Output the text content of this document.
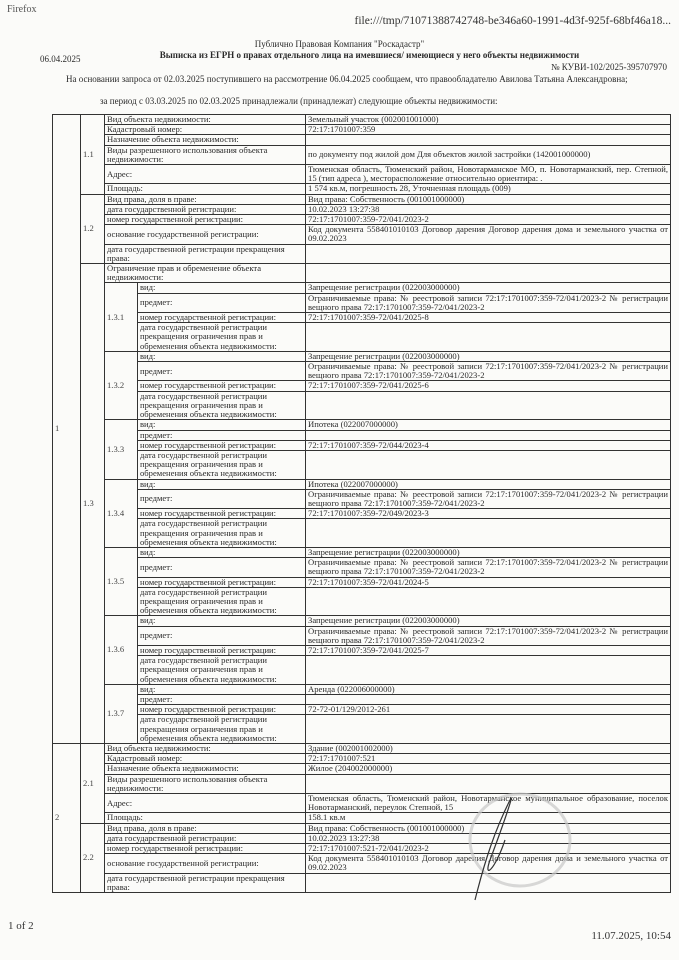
Firefox
file:///tmp/71071388742748-be346a60-1991-4d3f-925f-68bf46a18...
Публично Правовая Компания "Роскадастр"
Выписка из ЕГРН о правах отдельного лица на имевшиеся/ имеющиеся у него объекты недвижимости
06.04.2025
№ КУВИ-102/2025-395707970
На основании запроса от 02.03.2025 поступившего на рассмотрение 06.04.2025 сообщаем, что правообладателю Авилова Татьяна Александровна;
за период с 03.03.2025 по 02.03.2025 принадлежали (принадлежат) следующие объекты недвижимости:
1	1.1	Вид объекта недвижимости:		Земельный участок (002001001000)
		Кадастровый номер:		72:17:1701007:359
		Назначение объекта недвижимости:		
		Виды разрешенного использования объекта недвижимости:		по документу под жилой дом Для объектов жилой застройки (142001000000)
		Адрес:		Тюменская область, Тюменский район, Новотарманское МО, п. Новотарманский, пер. Степной, 15 (тип адреса ), месторасположение относительно ориентира: .
		Площадь:		1 574 кв.м, погрешность 28, Уточненная площадь (009)
	1.2	Вид права, доля в праве:		Вид права: Собственность (001001000000)
		дата государственной регистрации:		10.02.2023 13:27:38
		номер государственной регистрации:		72:17:1701007:359-72/041/2023-2
		основание государственной регистрации:		Код документа 558401010103 Договор дарения Договор дарения дома и земельного участка от 09.02.2023
		дата государственной регистрации прекращения права:		
	1.3	Ограничение прав и обременение объекта недвижимости:		
		1.3.1	вид:	Запрещение регистрации (022003000000)
			предмет:	Ограничиваемые права: № реестровой записи 72:17:1701007:359-72/041/2023-2 № регистрации вещного права 72:17:1701007:359-72/041/2023-2
			номер государственной регистрации:	72:17:1701007:359-72/041/2025-8
			дата государственной регистрации прекращения ограничения прав и обременения объекта недвижимости:	
		1.3.2	вид:	Запрещение регистрации (022003000000)
			предмет:	Ограничиваемые права: № реестровой записи 72:17:1701007:359-72/041/2023-2 № регистрации вещного права 72:17:1701007:359-72/041/2023-2
			номер государственной регистрации:	72:17:1701007:359-72/041/2025-6
			дата государственной регистрации прекращения ограничения прав и обременения объекта недвижимости:	
		1.3.3	вид:	Ипотека (022007000000)
			предмет:	
			номер государственной регистрации:	72:17:1701007:359-72/044/2023-4
			дата государственной регистрации прекращения ограничения прав и обременения объекта недвижимости:	
		1.3.4	вид:	Ипотека (022007000000)
			предмет:	Ограничиваемые права: № реестровой записи 72:17:1701007:359-72/041/2023-2 № регистрации вещного права 72:17:1701007:359-72/041/2023-2
			номер государственной регистрации:	72:17:1701007:359-72/049/2023-3
			дата государственной регистрации прекращения ограничения прав и обременения объекта недвижимости:	
		1.3.5	вид:	Запрещение регистрации (022003000000)
			предмет:	Ограничиваемые права: № реестровой записи 72:17:1701007:359-72/041/2023-2 № регистрации вещного права 72:17:1701007:359-72/041/2023-2
			номер государственной регистрации:	72:17:1701007:359-72/041/2024-5
			дата государственной регистрации прекращения ограничения прав и обременения объекта недвижимости:	
		1.3.6	вид:	Запрещение регистрации (022003000000)
			предмет:	Ограничиваемые права: № реестровой записи 72:17:1701007:359-72/041/2023-2 № регистрации вещного права 72:17:1701007:359-72/041/2023-2
			номер государственной регистрации:	72:17:1701007:359-72/041/2025-7
			дата государственной регистрации прекращения ограничения прав и обременения объекта недвижимости:	
		1.3.7	вид:	Аренда (022006000000)
			предмет:	
			номер государственной регистрации:	72-72-01/129/2012-261
			дата государственной регистрации прекращения ограничения прав и обременения объекта недвижимости:	
2	2.1	Вид объекта недвижимости:		Здание (002001002000)
		Кадастровый номер:		72:17:1701007:521
		Назначение объекта недвижимости:		Жилое (204002000000)
		Виды разрешенного использования объекта недвижимости:		
		Адрес:		Тюменская область, Тюменский район, Новотарманское муниципальное образование, поселок Новотарманский, переулок Степной, 15
		Площадь:		158.1 кв.м
	2.2	Вид права, доля в праве:		Вид права: Собственность (001001000000)
		дата государственной регистрации:		10.02.2023 13:27:38
		номер государственной регистрации:		72:17:1701007:521-72/041/2023-2
		основание государственной регистрации:		Код документа 558401010103 Договор дарения Договор дарения дома и земельного участка от 09.02.2023
		дата государственной регистрации прекращения права:		
1 of 2
11.07.2025, 10:54
